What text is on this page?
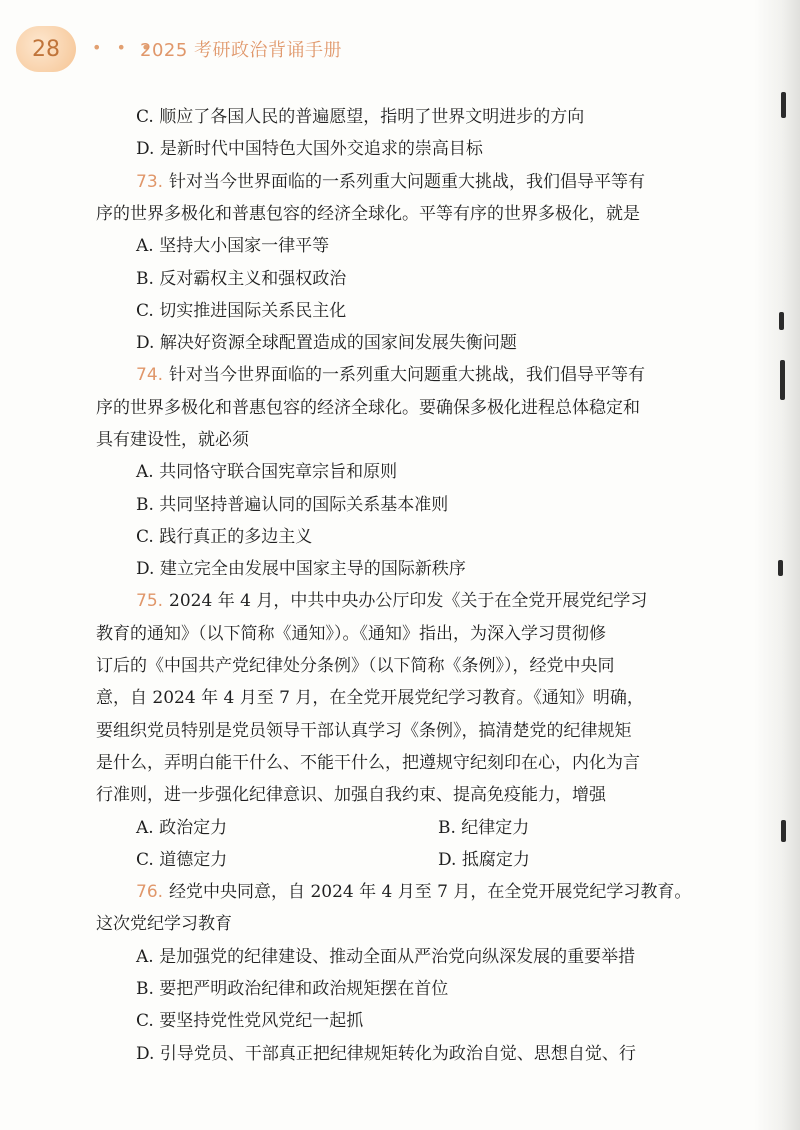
28	• • •
2025 考研政治背诵手册
C. 顺应了各国人民的普遍愿望，指明了世界文明进步的方向
D. 是新时代中国特色大国外交追求的崇高目标
73. 针对当今世界面临的一系列重大问题重大挑战，我们倡导平等有
序的世界多极化和普惠包容的经济全球化。平等有序的世界多极化，就是
A. 坚持大小国家一律平等
B. 反对霸权主义和强权政治
C. 切实推进国际关系民主化
D. 解决好资源全球配置造成的国家间发展失衡问题
74. 针对当今世界面临的一系列重大问题重大挑战，我们倡导平等有
序的世界多极化和普惠包容的经济全球化。要确保多极化进程总体稳定和
具有建设性，就必须
A. 共同恪守联合国宪章宗旨和原则
B. 共同坚持普遍认同的国际关系基本准则
C. 践行真正的多边主义
D. 建立完全由发展中国家主导的国际新秩序
75. 2024 年 4 月，中共中央办公厅印发《关于在全党开展党纪学习
教育的通知》（以下简称《通知》）。《通知》指出，为深入学习贯彻修
订后的《中国共产党纪律处分条例》（以下简称《条例》），经党中央同
意，自 2024 年 4 月至 7 月，在全党开展党纪学习教育。《通知》明确，
要组织党员特别是党员领导干部认真学习《条例》，搞清楚党的纪律规矩
是什么，弄明白能干什么、不能干什么，把遵规守纪刻印在心，内化为言
行准则，进一步强化纪律意识、加强自我约束、提高免疫能力，增强
A. 政治定力	B. 纪律定力
C. 道德定力	D. 抵腐定力
76. 经党中央同意，自 2024 年 4 月至 7 月，在全党开展党纪学习教育。
这次党纪学习教育
A. 是加强党的纪律建设、推动全面从严治党向纵深发展的重要举措
B. 要把严明政治纪律和政治规矩摆在首位
C. 要坚持党性党风党纪一起抓
D. 引导党员、干部真正把纪律规矩转化为政治自觉、思想自觉、行
